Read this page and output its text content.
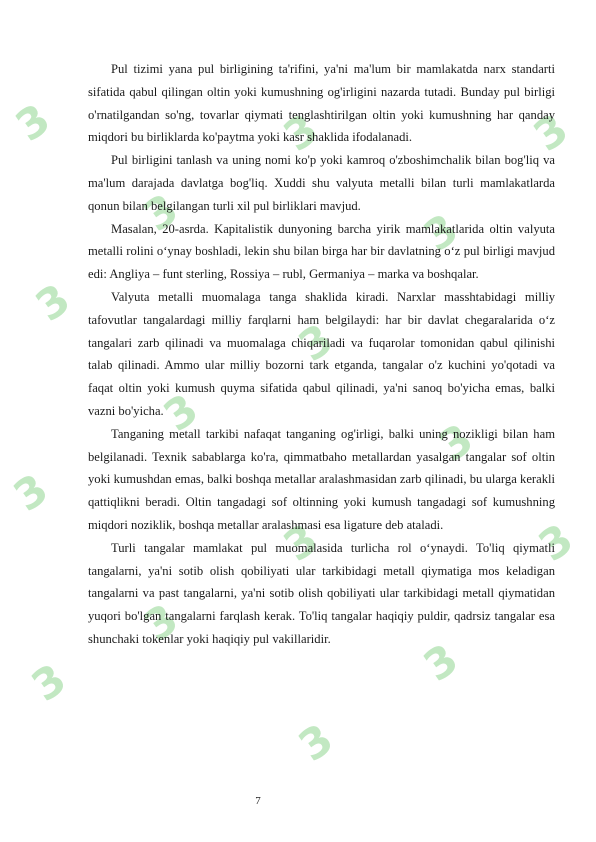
3
3
3
3
3
3
3
3
3
3
3
3
3
3
3
3

Pul tizimi yana pul birligining ta'rifini, ya'ni ma'lum bir mamlakatda narx standarti sifatida qabul qilingan oltin yoki kumushning og'irligini nazarda tutadi. Bunday pul birligi o'rnatilgandan so'ng, tovarlar qiymati tenglashtirilgan oltin yoki kumushning har qanday miqdori bu birliklarda ko'paytma yoki kasr shaklida ifodalanadi.

Pul birligini tanlash va uning nomi ko'p yoki kamroq o'zboshimchalik bilan bog'liq va ma'lum darajada davlatga bog'liq. Xuddi shu valyuta metalli bilan turli mamlakatlarda qonun bilan belgilangan turli xil pul birliklari mavjud.

Masalan, 20-asrda. Kapitalistik dunyoning barcha yirik mamlakatlarida oltin valyuta metalli rolini o‘ynay boshladi, lekin shu bilan birga har bir davlatning o‘z pul birligi mavjud edi: Angliya – funt sterling, Rossiya – rubl, Germaniya – marka va boshqalar.

Valyuta metalli muomalaga tanga shaklida kiradi. Narxlar masshtabidagi milliy tafovutlar tangalardagi milliy farqlarni ham belgilaydi: har bir davlat chegaralarida o‘z tangalari zarb qilinadi va muomalaga chiqariladi va fuqarolar tomonidan qabul qilinishi talab qilinadi. Ammo ular milliy bozorni tark etganda, tangalar o'z kuchini yo'qotadi va faqat oltin yoki kumush quyma sifatida qabul qilinadi, ya'ni sanoq bo'yicha emas, balki vazni bo'yicha.

Tanganing metall tarkibi nafaqat tanganing og'irligi, balki uning nozikligi bilan ham belgilanadi. Texnik sabablarga ko'ra, qimmatbaho metallardan yasalgan tangalar sof oltin yoki kumushdan emas, balki boshqa metallar aralashmasidan zarb qilinadi, bu ularga kerakli qattiqlikni beradi. Oltin tangadagi sof oltinning yoki kumush tangadagi sof kumushning miqdori noziklik, boshqa metallar aralashmasi esa ligature deb ataladi.

Turli tangalar mamlakat pul muomalasida turlicha rol o‘ynaydi. To'liq qiymatli tangalarni, ya'ni sotib olish qobiliyati ular tarkibidagi metall qiymatiga mos keladigan tangalarni va past tangalarni, ya'ni sotib olish qobiliyati ular tarkibidagi metall qiymatidan yuqori bo'lgan tangalarni farqlash kerak. To'liq tangalar haqiqiy puldir, qadrsiz tangalar esa shunchaki tokenlar yoki haqiqiy pul vakillaridir.

7
